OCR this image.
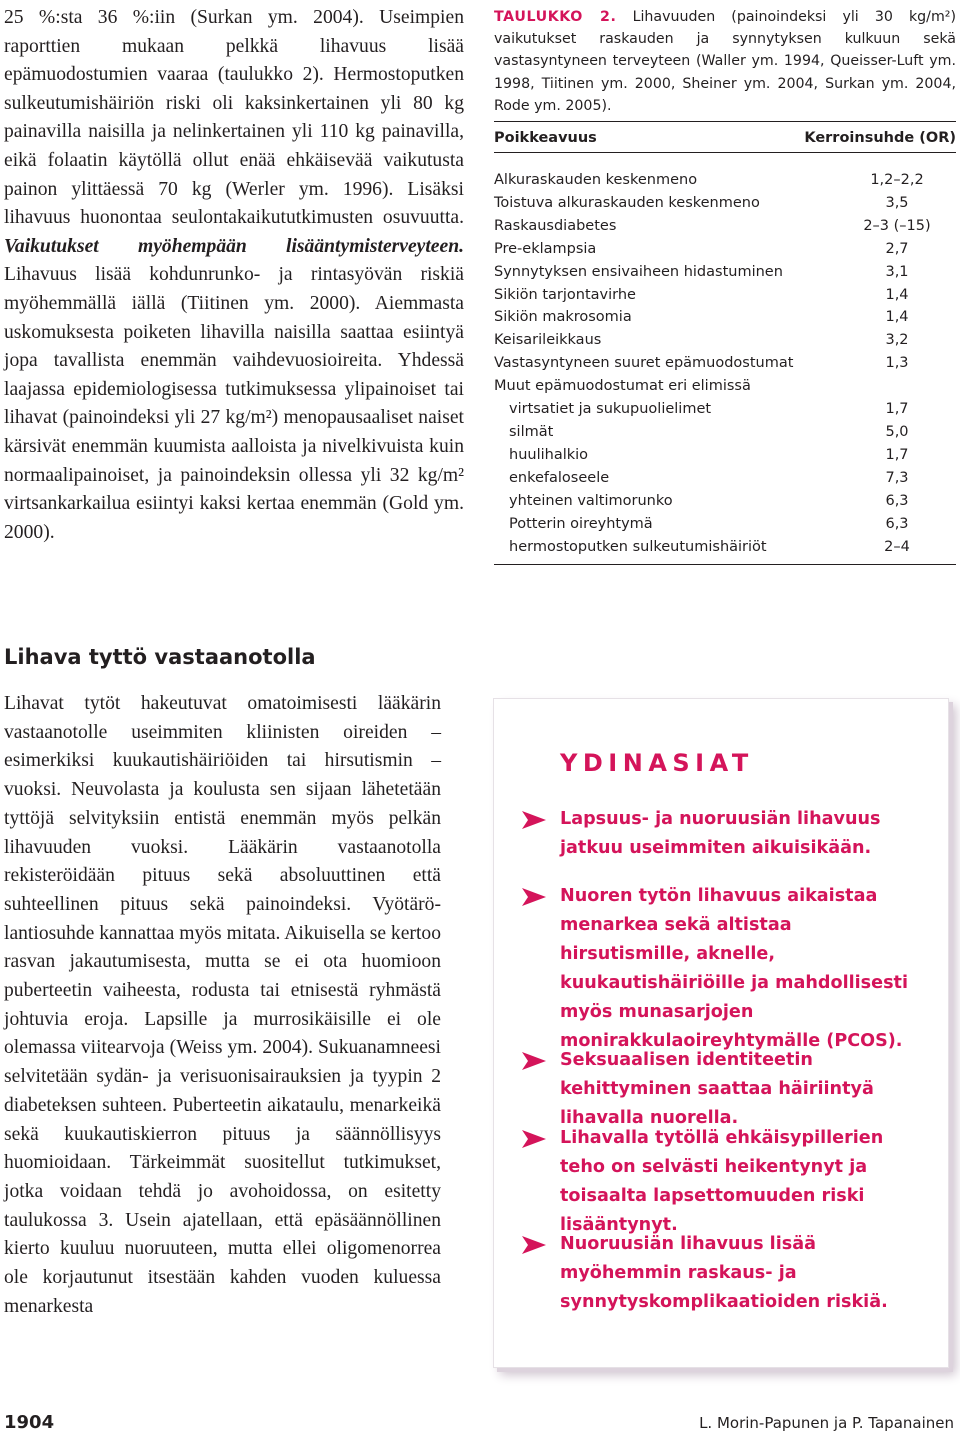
25 %:sta 36 %:iin (Surkan ym. 2004). Useimpien raporttien mukaan pelkkä lihavuus lisää epämuodostumien vaaraa (taulukko 2). Hermostoputken sulkeutumishäiriön riski oli kaksinkertainen yli 80 kg painavilla naisilla ja nelinkertainen yli 110 kg painavilla, eikä folaatin käytöllä ollut enää ehkäisevää vaikutusta painon ylittäessä 70 kg (Werler ym. 1996). Lisäksi lihavuus huonontaa seulontakaikututkimusten osuvuutta. Vaikutukset myöhempään lisääntymisterveyteen. Lihavuus lisää kohdunrunko- ja rintasyövän riskiä myöhemmällä iällä (Tiitinen ym. 2000). Aiemmasta uskomuksesta poiketen lihavilla naisilla saattaa esiintyä jopa tavallista enemmän vaihdevuosioireita. Yhdessä laajassa epidemiologisessa tutkimuksessa ylipainoiset tai lihavat (painoindeksi yli 27 kg/m²) menopausaaliset naiset kärsivät enemmän kuumista aalloista ja nivelkivuista kuin normaalipainoiset, ja painoindeksin ollessa yli 32 kg/m² virtsankarkailua esiintyi kaksi kertaa enemmän (Gold ym. 2000).

Lihava tyttö vastaanotolla

Lihavat tytöt hakeutuvat omatoimisesti lääkärin vastaanotolle useimmiten kliinisten oireiden – esimerkiksi kuukautishäiriöiden tai hirsutismin – vuoksi. Neuvolasta ja koulusta sen sijaan lähetetään tyttöjä selvityksiin entistä enemmän myös pelkän lihavuuden vuoksi. Lääkärin vastaanotolla rekisteröidään pituus sekä absoluuttinen että suhteellinen pituus sekä painoindeksi. Vyötärö-lantiosuhde kannattaa myös mitata. Aikuisella se kertoo rasvan jakautumisesta, mutta se ei ota huomioon puberteetin vaiheesta, rodusta tai etnisestä ryhmästä johtuvia eroja. Lapsille ja murrosikäisille ei ole olemassa viitearvoja (Weiss ym. 2004). Sukuanamneesi selvitetään sydän- ja verisuonisairauksien ja tyypin 2 diabeteksen suhteen. Puberteetin aikataulu, menarkeikä sekä kuukautiskierron pituus ja säännöllisyys huomioidaan. Tärkeimmät suositellut tutkimukset, jotka voidaan tehdä jo avohoidossa, on esitetty taulukossa 3. Usein ajatellaan, että epäsäännöllinen kierto kuuluu nuoruuteen, mutta ellei oligomenorrea ole korjautunut itsestään kahden vuoden kuluessa menarkesta

TAULUKKO 2. Lihavuuden (painoindeksi yli 30 kg/m²) vaikutukset raskauden ja synnytyksen kulkuun sekä vastasyntyneen terveyteen (Waller ym. 1994, Queisser-Luft ym. 1998, Tiitinen ym. 2000, Sheiner ym. 2004, Surkan ym. 2004, Rode ym. 2005).

Poikkeavuus	Kerroinsuhde (OR)
Alkuraskauden keskenmeno	1,2–2,2
Toistuva alkuraskauden keskenmeno	3,5
Raskausdiabetes	2–3 (–15)
Pre-eklampsia	2,7
Synnytyksen ensivaiheen hidastuminen	3,1
Sikiön tarjontavirhe	1,4
Sikiön makrosomia	1,4
Keisarileikkaus	3,2
Vastasyntyneen suuret epämuodostumat	1,3
Muut epämuodostumat eri elimissä
virtsatiet ja sukupuolielimet	1,7
silmät	5,0
huulihalkio	1,7
enkefaloseele	7,3
yhteinen valtimorunko	6,3
Potterin oireyhtymä	6,3
hermostoputken sulkeutumishäiriöt	2–4
YDINASIAT
Lapsuus- ja nuoruusiän lihavuus jatkuu useimmiten aikuisikään.
Nuoren tytön lihavuus aikaistaa menarkea sekä altistaa hirsutismille, aknelle, kuukautishäiriöille ja mahdollisesti myös munasarjojen monirakkulaoireyhtymälle (PCOS).
Seksuaalisen identiteetin kehittyminen saattaa häiriintyä lihavalla nuorella.
Lihavalla tytöllä ehkäisypillerien teho on selvästi heikentynyt ja toisaalta lapsettomuuden riski lisääntynyt.
Nuoruusiän lihavuus lisää myöhemmin raskaus- ja synnytyskomplikaatioiden riskiä.

1904	L. Morin-Papunen ja P. Tapanainen
